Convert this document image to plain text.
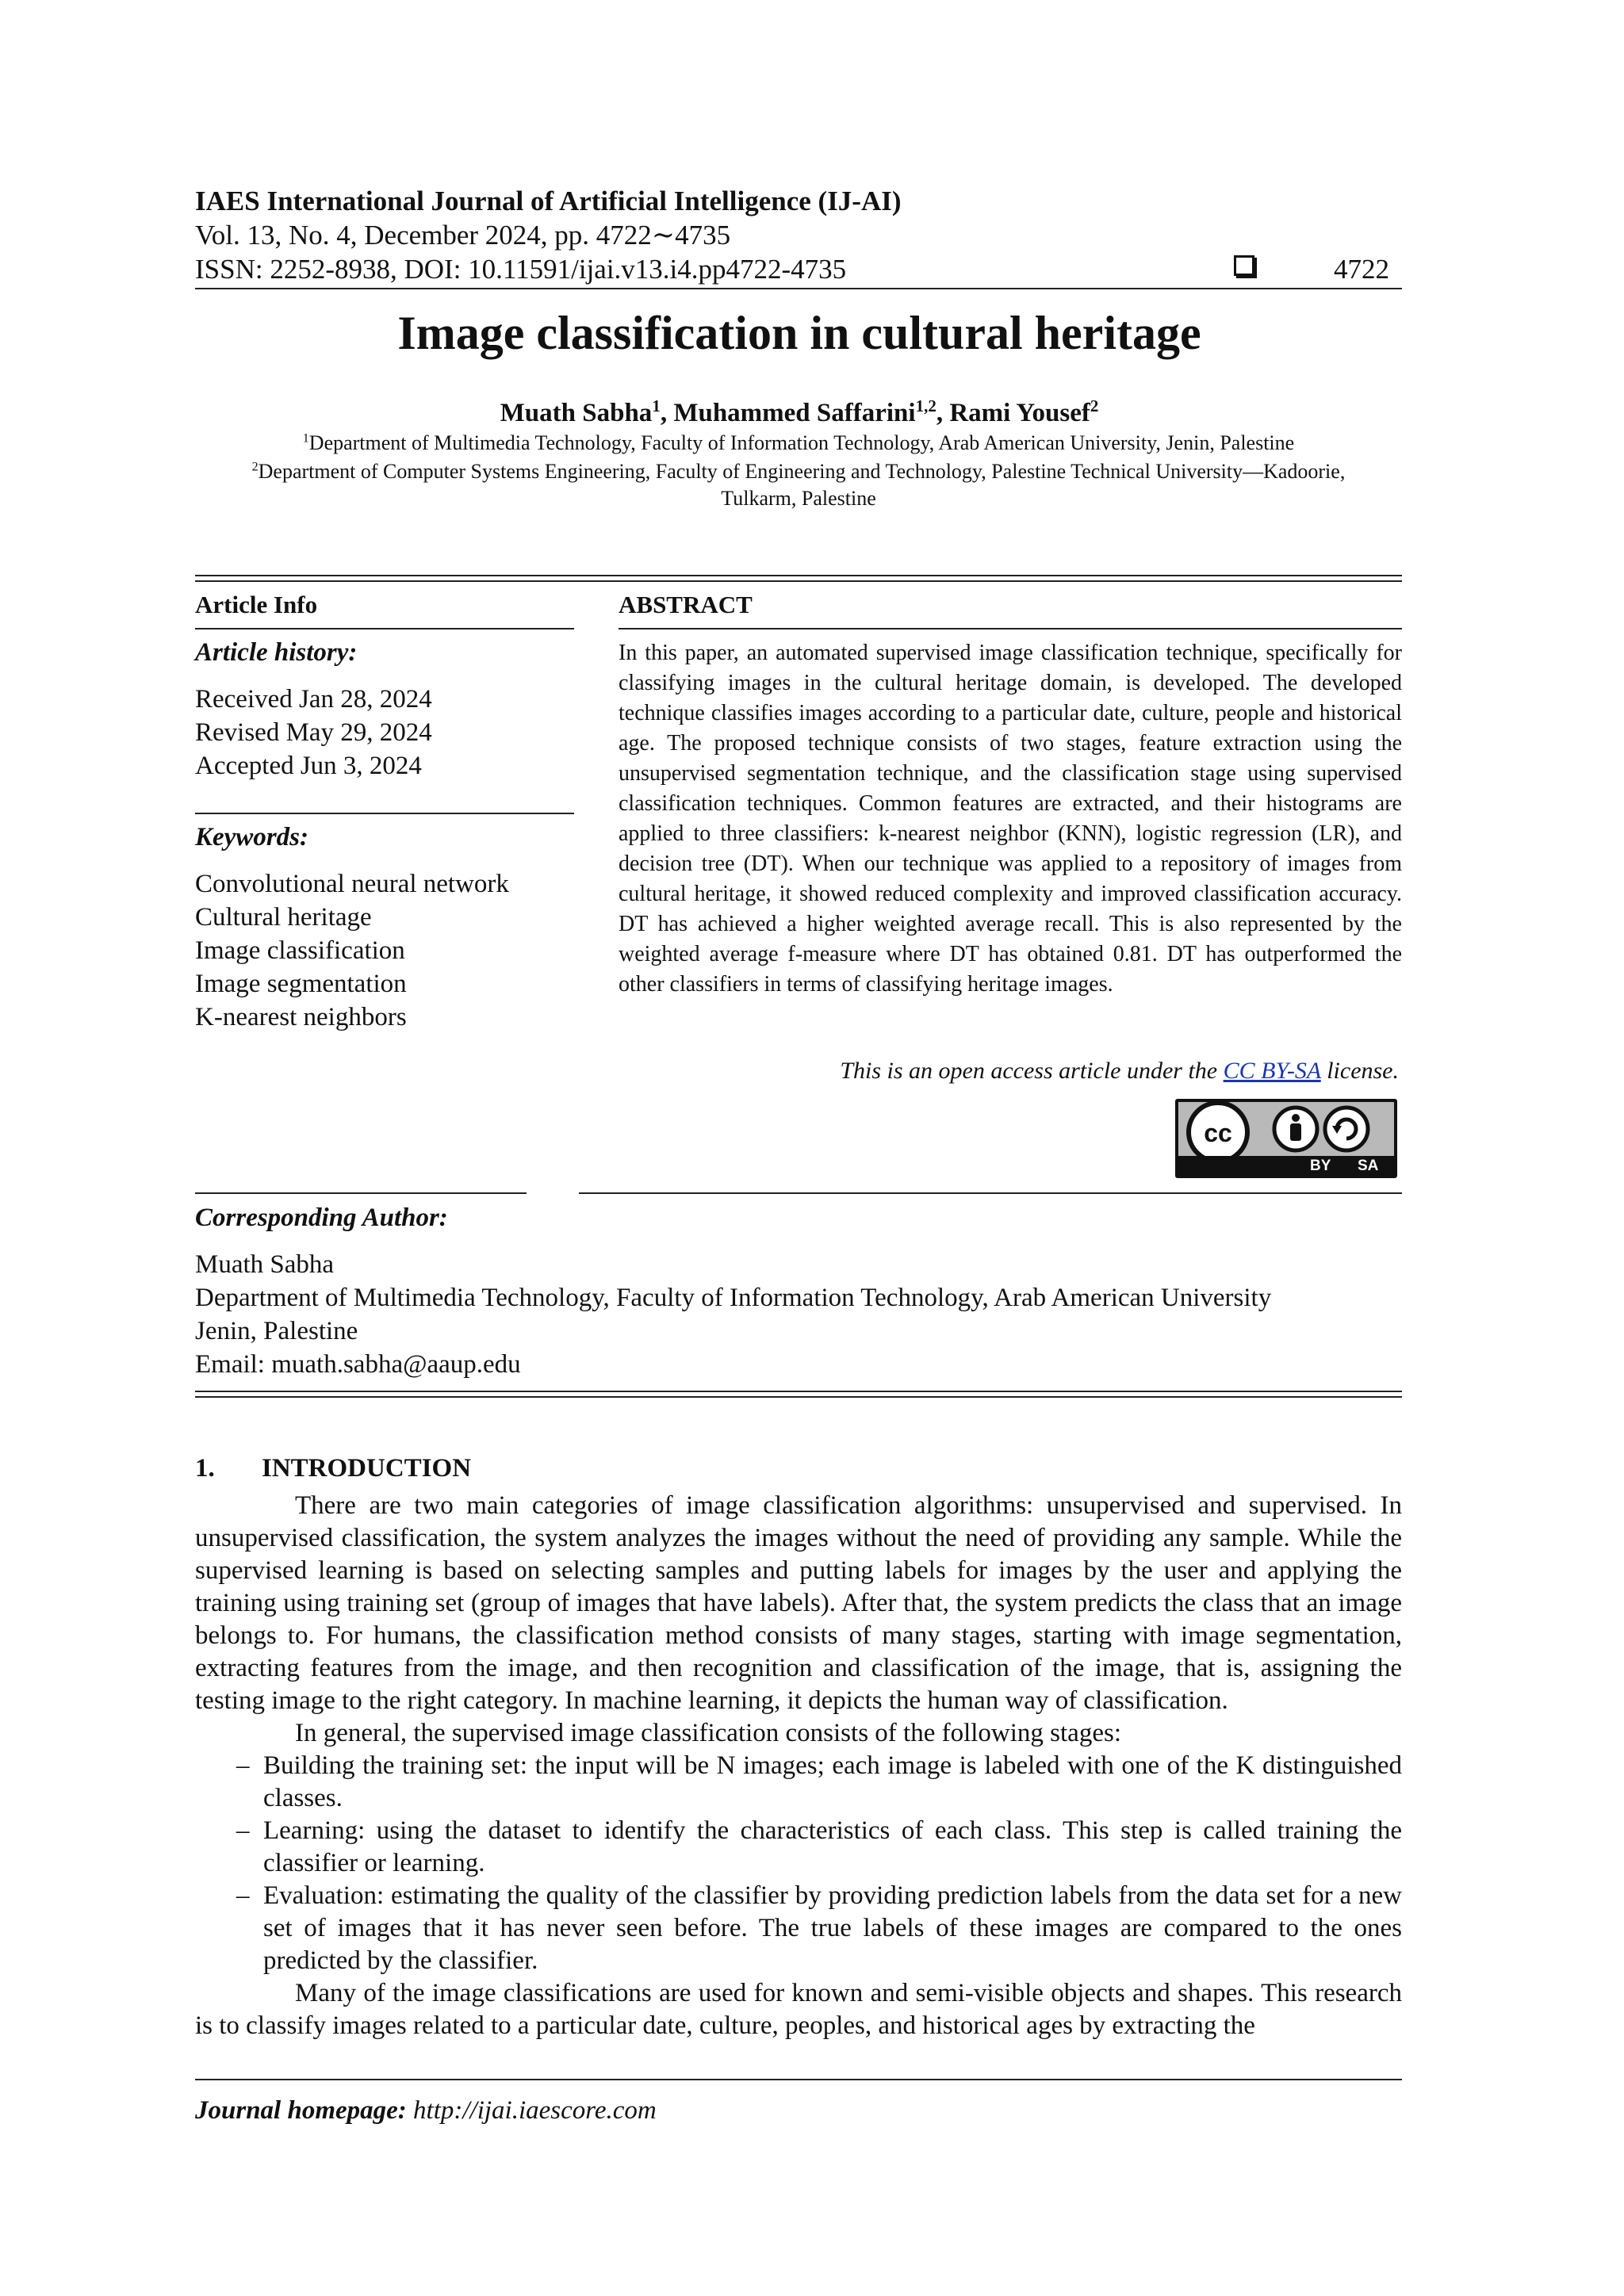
IAES International Journal of Artificial Intelligence (IJ-AI)
Vol. 13, No. 4, December 2024, pp. 4722∼4735
ISSN: 2252-8938, DOI: 10.11591/ijai.v13.i4.pp4722-4735	4722
Image classification in cultural heritage
Muath Sabha$^1$, Muhammed Saffarini$^{1,2}$, Rami Yousef$^2$
$^1$Department of Multimedia Technology, Faculty of Information Technology, Arab American University, Jenin, Palestine
$^2$Department of Computer Systems Engineering, Faculty of Engineering and Technology, Palestine Technical University—Kadoorie,
Tulkarm, Palestine
Article Info
Article history:
Received Jan 28, 2024
Revised May 29, 2024
Accepted Jun 3, 2024
Keywords:
Convolutional neural network
Cultural heritage
Image classification
Image segmentation
K-nearest neighbors
ABSTRACT
In this paper, an automated supervised image classification technique, specifically for classifying images in the cultural heritage domain, is developed. The developed technique classifies images according to a particular date, culture, people and historical age. The proposed technique consists of two stages, feature extraction using the unsupervised segmentation technique, and the classification stage using supervised classification techniques. Common features are extracted, and their histograms are applied to three classifiers: k-nearest neighbor (KNN), logistic regression (LR), and decision tree (DT). When our technique was applied to a repository of images from cultural heritage, it showed reduced complexity and improved classification accuracy. DT has achieved a higher weighted average recall. This is also represented by the weighted average f-measure where DT has obtained 0.81. DT has outperformed the other classifiers in terms of classifying heritage images.
This is an open access article under the CC BY-SA license.
cc
BY SA
Corresponding Author:
Muath Sabha
Department of Multimedia Technology, Faculty of Information Technology, Arab American University
Jenin, Palestine
Email: muath.sabha@aaup.edu
1. INTRODUCTION
There are two main categories of image classification algorithms: unsupervised and supervised. In unsupervised classification, the system analyzes the images without the need of providing any sample. While the supervised learning is based on selecting samples and putting labels for images by the user and applying the training using training set (group of images that have labels). After that, the system predicts the class that an image belongs to. For humans, the classification method consists of many stages, starting with image segmentation, extracting features from the image, and then recognition and classification of the image, that is, assigning the testing image to the right category. In machine learning, it depicts the human way of classification.
In general, the supervised image classification consists of the following stages:
– Building the training set: the input will be N images; each image is labeled with one of the K distinguished classes.
– Learning: using the dataset to identify the characteristics of each class. This step is called training the classifier or learning.
– Evaluation: estimating the quality of the classifier by providing prediction labels from the data set for a new set of images that it has never seen before. The true labels of these images are compared to the ones predicted by the classifier.
Many of the image classifications are used for known and semi-visible objects and shapes. This research is to classify images related to a particular date, culture, peoples, and historical ages by extracting the
Journal homepage: http://ijai.iaescore.com
